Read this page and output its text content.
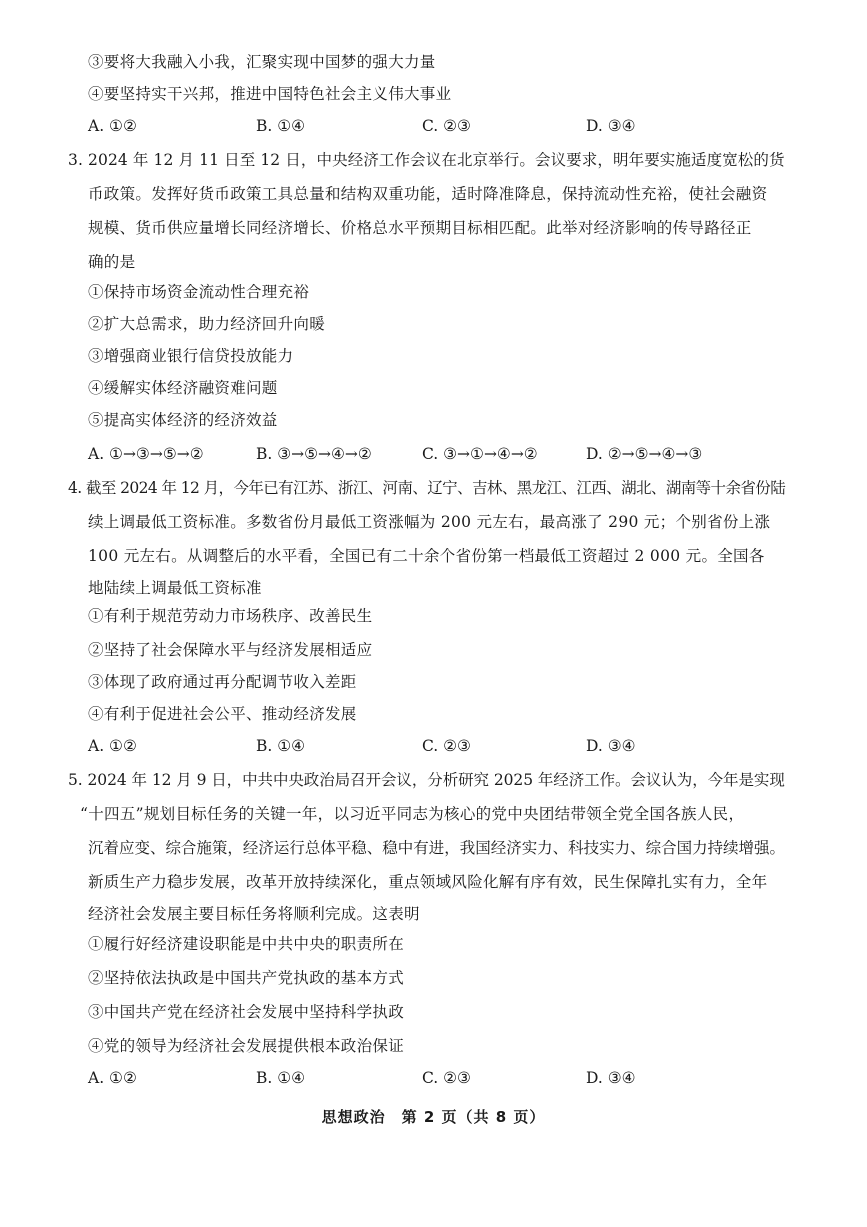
③要将大我融入小我，汇聚实现中国梦的强大力量
④要坚持实干兴邦，推进中国特色社会主义伟大事业
A. ①②	B. ①④	C. ②③	D. ③④
3. 2024 年 12 月 11 日至 12 日，中央经济工作会议在北京举行。会议要求，明年要实施适度宽松的货
币政策。发挥好货币政策工具总量和结构双重功能，适时降准降息，保持流动性充裕，使社会融资
规模、货币供应量增长同经济增长、价格总水平预期目标相匹配。此举对经济影响的传导路径正
确的是
①保持市场资金流动性合理充裕
②扩大总需求，助力经济回升向暖
③增强商业银行信贷投放能力
④缓解实体经济融资难问题
⑤提高实体经济的经济效益
A. ①→③→⑤→②	B. ③→⑤→④→②	C. ③→①→④→②	D. ②→⑤→④→③
4. 截至 2024 年 12 月，今年已有江苏、浙江、河南、辽宁、吉林、黑龙江、江西、湖北、湖南等十余省份陆
续上调最低工资标准。多数省份月最低工资涨幅为 200 元左右，最高涨了 290 元；个别省份上涨
100 元左右。从调整后的水平看，全国已有二十余个省份第一档最低工资超过 2 000 元。全国各
地陆续上调最低工资标准
①有利于规范劳动力市场秩序、改善民生
②坚持了社会保障水平与经济发展相适应
③体现了政府通过再分配调节收入差距
④有利于促进社会公平、推动经济发展
A. ①②	B. ①④	C. ②③	D. ③④
5. 2024 年 12 月 9 日，中共中央政治局召开会议，分析研究 2025 年经济工作。会议认为，今年是实现
“十四五”规划目标任务的关键一年，以习近平同志为核心的党中央团结带领全党全国各族人民，
沉着应变、综合施策，经济运行总体平稳、稳中有进，我国经济实力、科技实力、综合国力持续增强。
新质生产力稳步发展，改革开放持续深化，重点领域风险化解有序有效，民生保障扎实有力，全年
经济社会发展主要目标任务将顺利完成。这表明
①履行好经济建设职能是中共中央的职责所在
②坚持依法执政是中国共产党执政的基本方式
③中国共产党在经济社会发展中坚持科学执政
④党的领导为经济社会发展提供根本政治保证
A. ①②	B. ①④	C. ②③	D. ③④
思想政治　第 2 页（共 8 页）
